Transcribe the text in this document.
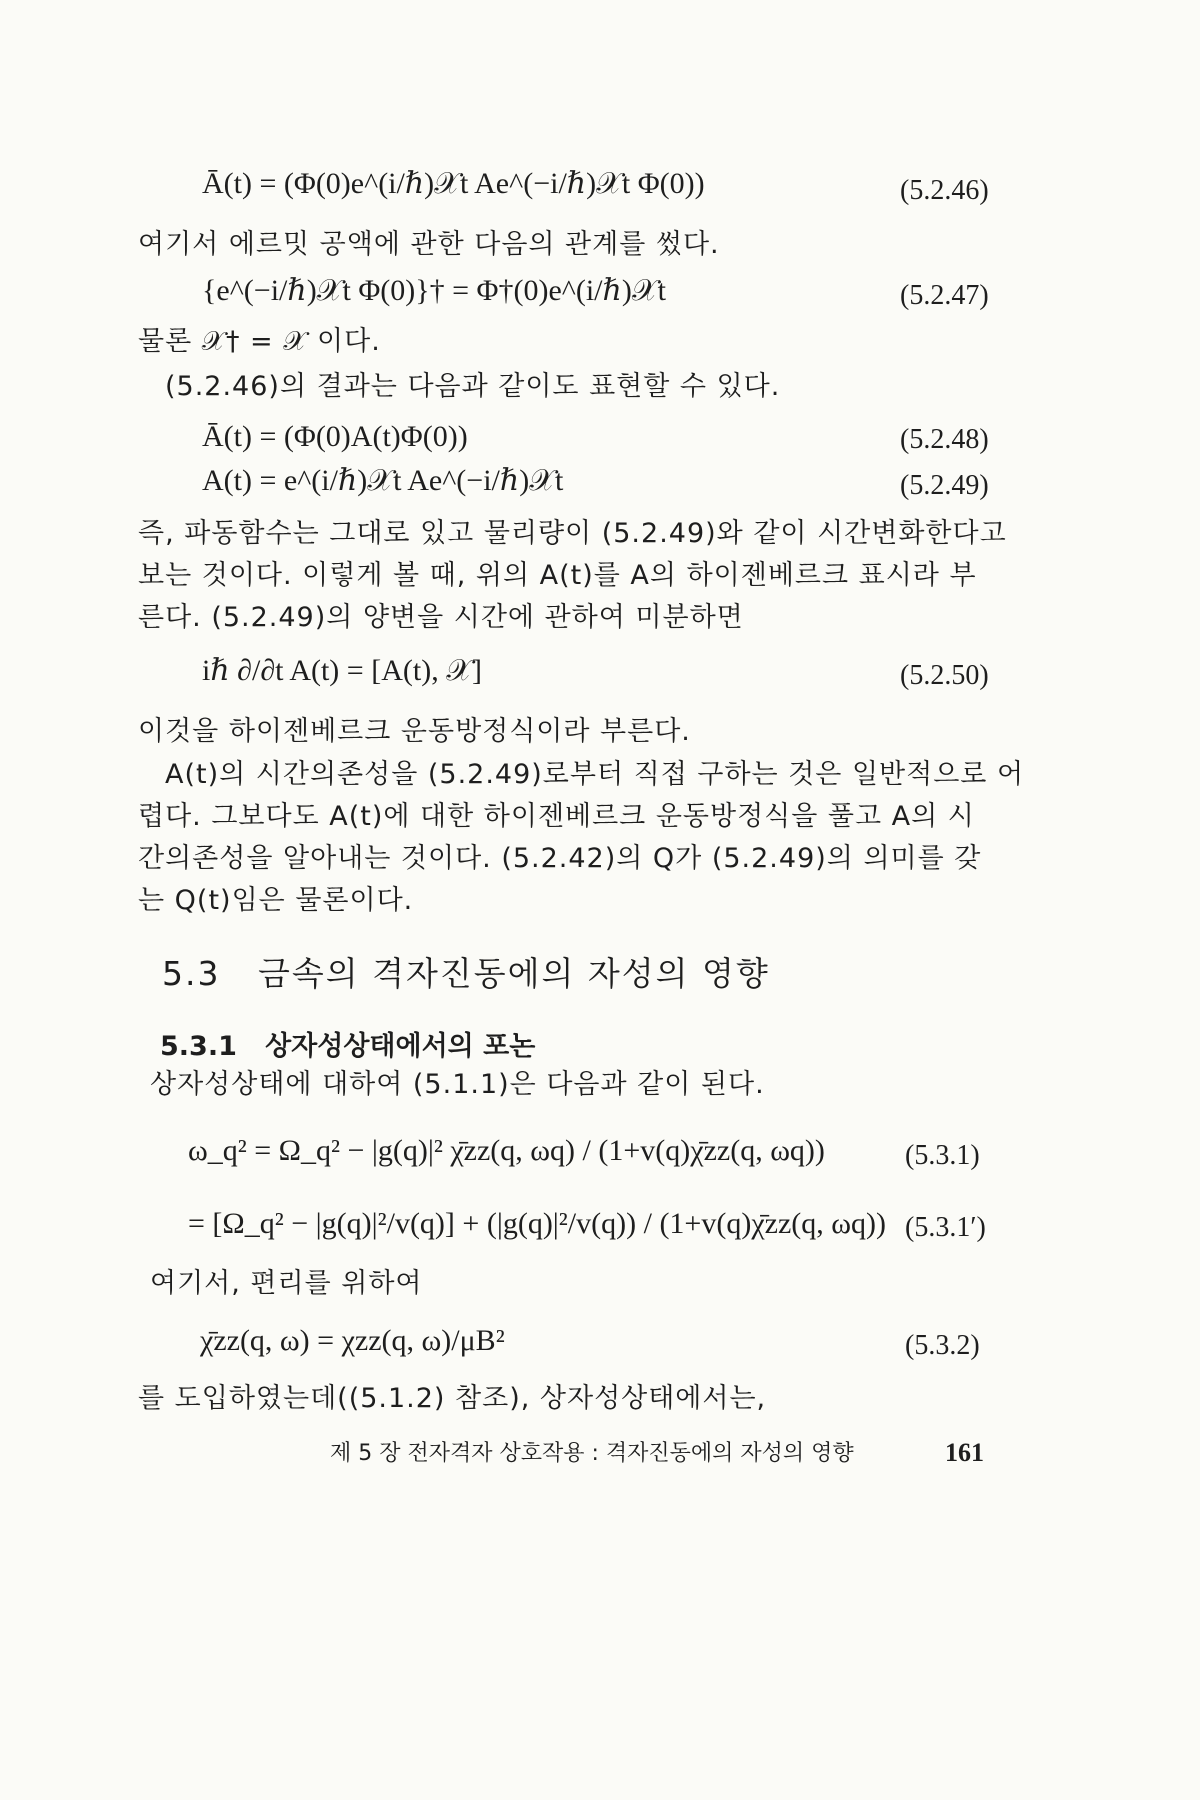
Ā(t) = (Φ(0)e^(i/ℏ)𝒳t Ae^(−i/ℏ)𝒳t Φ(0))	(5.2.46)
여기서 에르밋 공액에 관한 다음의 관계를 썼다.
{e^(−i/ℏ)𝒳t Φ(0)}† = Φ†(0)e^(i/ℏ)𝒳t	(5.2.47)
물론 𝒳† = 𝒳 이다.
(5.2.46)의 결과는 다음과 같이도 표현할 수 있다.
Ā(t) = (Φ(0)A(t)Φ(0))	(5.2.48)
A(t) = e^(i/ℏ)𝒳t Ae^(−i/ℏ)𝒳t	(5.2.49)
즉, 파동함수는 그대로 있고 물리량이 (5.2.49)와 같이 시간변화한다고
보는 것이다. 이렇게 볼 때, 위의 A(t)를 A의 하이젠베르크 표시라 부
른다. (5.2.49)의 양변을 시간에 관하여 미분하면
iℏ ∂/∂t A(t) = [A(t), 𝒳]	(5.2.50)
이것을 하이젠베르크 운동방정식이라 부른다.
A(t)의 시간의존성을 (5.2.49)로부터 직접 구하는 것은 일반적으로 어
렵다. 그보다도 A(t)에 대한 하이젠베르크 운동방정식을 풀고 A의 시
간의존성을 알아내는 것이다. (5.2.42)의 Q가 (5.2.49)의 의미를 갖
는 Q(t)임은 물론이다.
5.3 금속의 격자진동에의 자성의 영향
5.3.1 상자성상태에서의 포논
상자성상태에 대하여 (5.1.1)은 다음과 같이 된다.
ω_q² = Ω_q² − |g(q)|² χ̄zz(q, ωq) / (1+v(q)χ̄zz(q, ωq))	(5.3.1)
= [Ω_q² − |g(q)|²/v(q)] + (|g(q)|²/v(q)) / (1+v(q)χ̄zz(q, ωq)) (5.3.1′)
여기서, 편리를 위하여
χ̄zz(q, ω) = χzz(q, ω)/μB²	(5.3.2)
를 도입하였는데((5.1.2) 참조), 상자성상태에서는,
제 5 장 전자격자 상호작용 : 격자진동에의 자성의 영향	161
